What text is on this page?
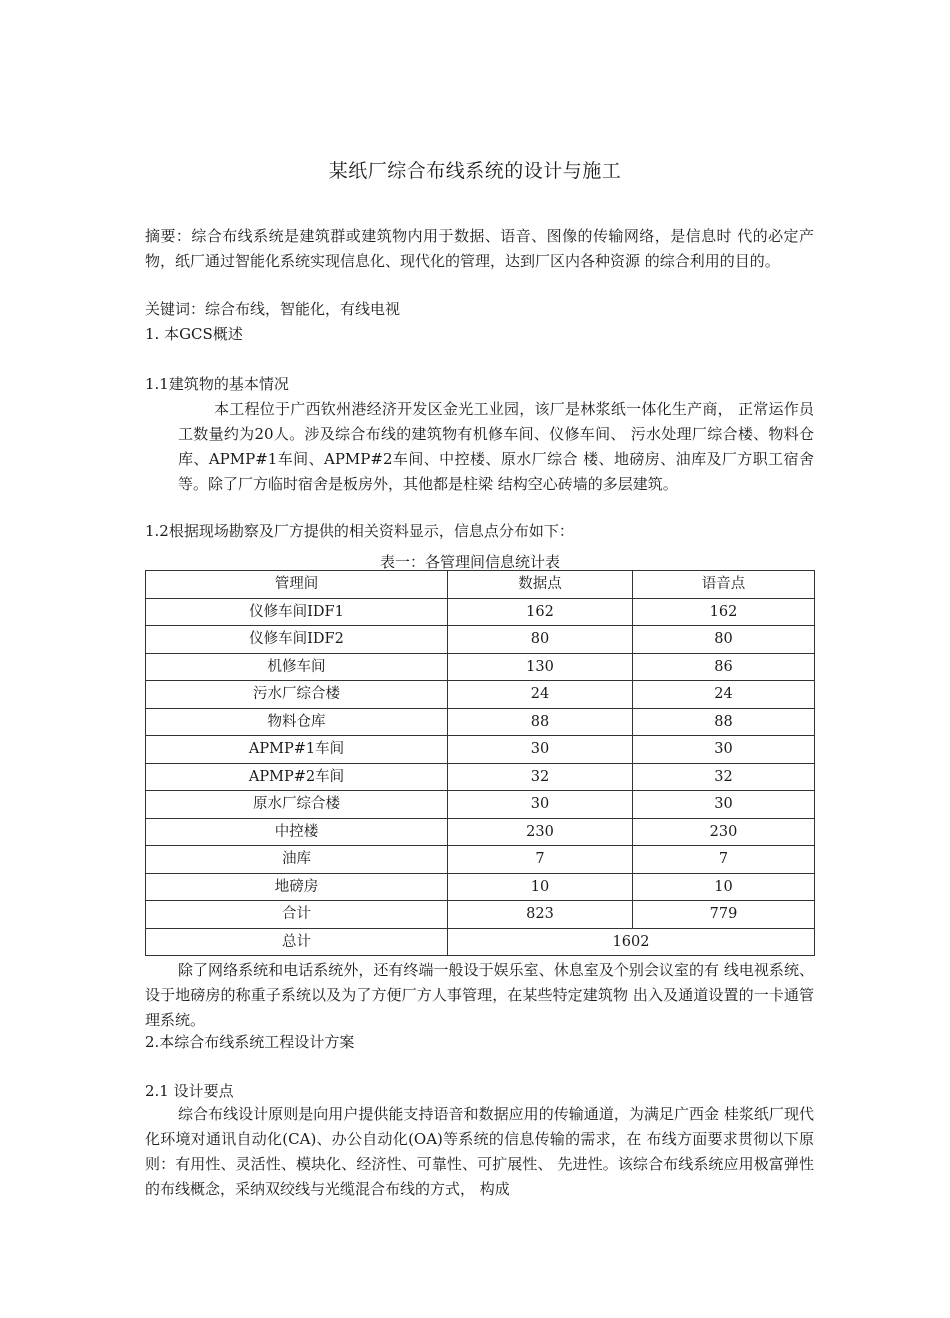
某纸厂综合布线系统的设计与施工

摘要：综合布线系统是建筑群或建筑物内用于数据、语音、图像的传输网络，是信息时 代的必定产物，纸厂通过智能化系统实现信息化、现代化的管理，达到厂区内各种资源 的综合利用的目的。

关键词：综合布线，智能化，有线电视
1. 本GCS概述
1.1建筑物的基本情况

本工程位于广西钦州港经济开发区金光工业园，该厂是林浆纸一体化生产商， 正常运作员工数量约为20人。涉及综合布线的建筑物有机修车间、仪修车间、 污水处理厂综合楼、物料仓库、APMP#1车间、APMP#2车间、中控楼、原水厂综合 楼、地磅房、油库及厂方职工宿舍等。除了厂方临时宿舍是板房外，其他都是柱梁 结构空心砖墙的多层建筑。

1.2根据现场勘察及厂方提供的相关资料显示，信息点分布如下：
表一：各管理间信息统计表
管理间	数据点	语音点
仪修车间IDF1	162	162
仪修车间IDF2	80	80
机修车间	130	86
污水厂综合楼	24	24
物料仓库	88	88
APMP#1车间	30	30
APMP#2车间	32	32
原水厂综合楼	30	30
中控楼	230	230
油库	7	7
地磅房	10	10
合计	823	779
总计	1602	

除了网络系统和电话系统外，还有终端一般设于娱乐室、休息室及个别会议室的有 线电视系统、设于地磅房的称重子系统以及为了方便厂方人事管理，在某些特定建筑物 出入及通道设置的一卡通管理系统。

2.本综合布线系统工程设计方案
2.1 设计要点

综合布线设计原则是向用户提供能支持语音和数据应用的传输通道，为满足广西金 桂浆纸厂现代化环境对通讯自动化(CA)、办公自动化(OA)等系统的信息传输的需求，在 布线方面要求贯彻以下原则：有用性、灵活性、模块化、经济性、可靠性、可扩展性、 先进性。该综合布线系统应用极富弹性的布线概念，采纳双绞线与光缆混合布线的方式， 构成
